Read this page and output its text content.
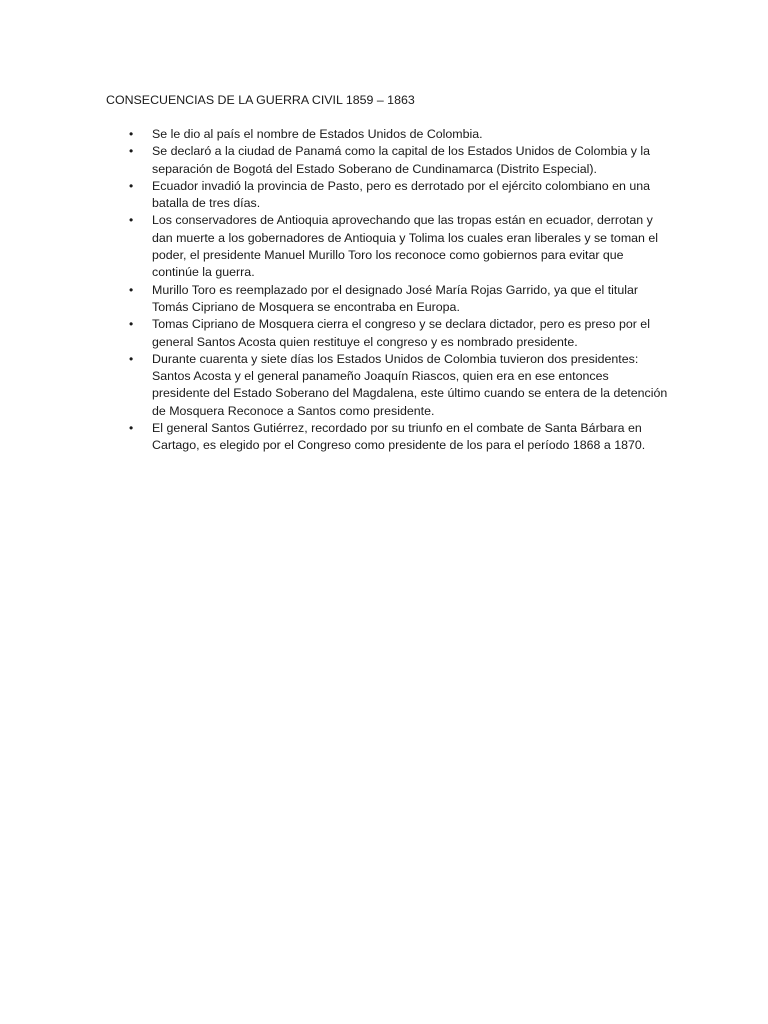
CONSECUENCIAS DE LA GUERRA CIVIL 1859 – 1863
• Se le dio al país el nombre de Estados Unidos de Colombia.
• Se declaró a la ciudad de Panamá como la capital de los Estados Unidos de Colombia y la separación de Bogotá del Estado Soberano de Cundinamarca (Distrito Especial).
• Ecuador invadió la provincia de Pasto, pero es derrotado por el ejército colombiano en una batalla de tres días.
• Los conservadores de Antioquia aprovechando que las tropas están en ecuador, derrotan y dan muerte a los gobernadores de Antioquia y Tolima los cuales eran liberales y se toman el poder, el presidente Manuel Murillo Toro los reconoce como gobiernos para evitar que continúe la guerra.
• Murillo Toro es reemplazado por el designado José María Rojas Garrido, ya que el titular Tomás Cipriano de Mosquera se encontraba en Europa.
• Tomas Cipriano de Mosquera cierra el congreso y se declara dictador, pero es preso por el general Santos Acosta quien restituye el congreso y es nombrado presidente.
• Durante cuarenta y siete días los Estados Unidos de Colombia tuvieron dos presidentes: Santos Acosta y el general panameño Joaquín Riascos, quien era en ese entonces presidente del Estado Soberano del Magdalena, este último cuando se entera de la detención de Mosquera Reconoce a Santos como presidente.
• El general Santos Gutiérrez, recordado por su triunfo en el combate de Santa Bárbara en Cartago, es elegido por el Congreso como presidente de los para el período 1868 a 1870.
